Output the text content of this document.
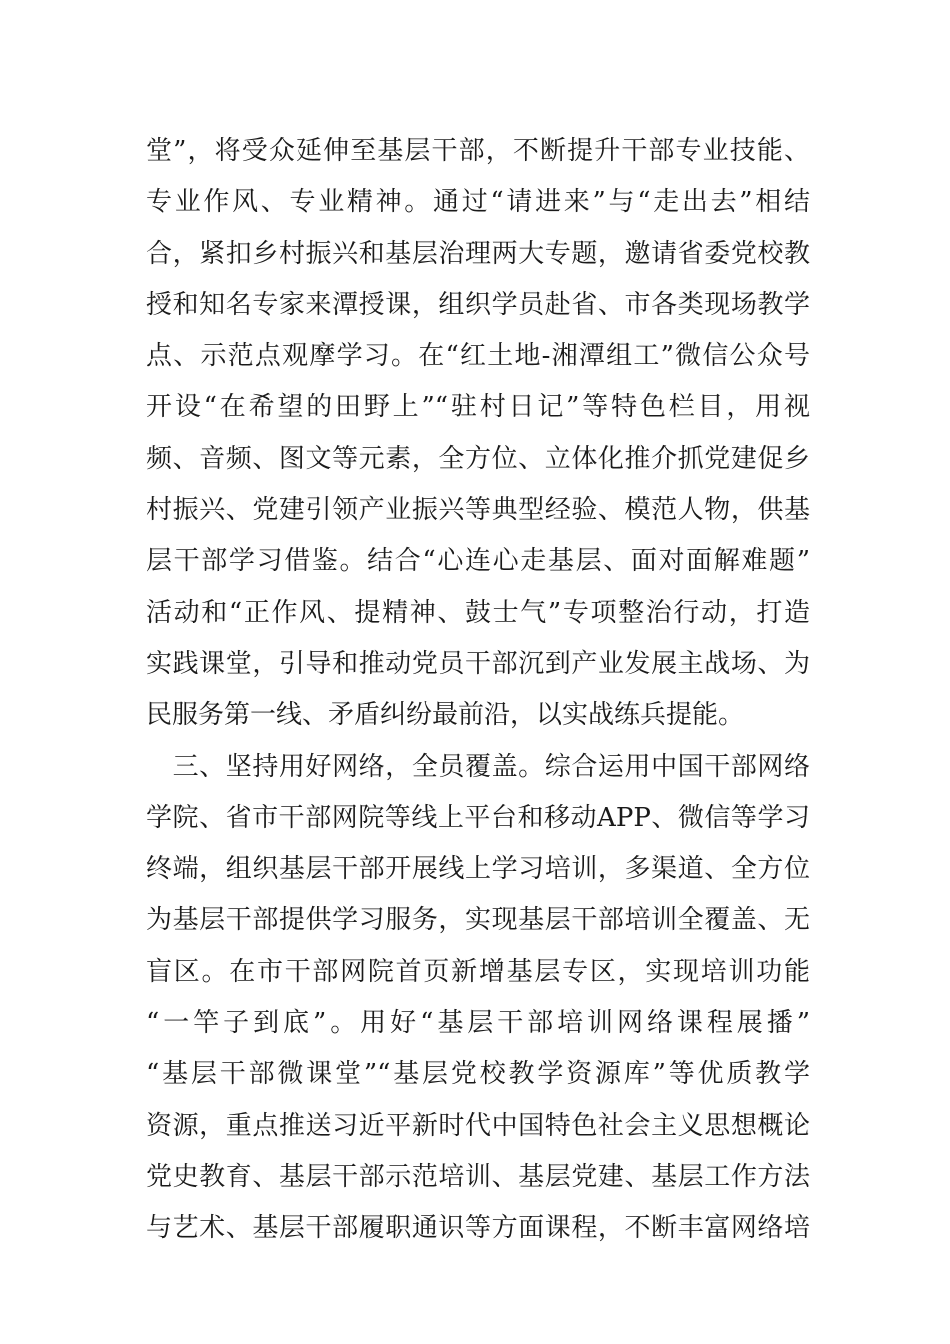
堂”，将受众延伸至基层干部，不断提升干部专业技能、
专业作风、专业精神。通过“请进来”与“走出去”相结
合，紧扣乡村振兴和基层治理两大专题，邀请省委党校教
授和知名专家来潭授课，组织学员赴省、市各类现场教学
点、示范点观摩学习。在“红土地-湘潭组工”微信公众号
开设“在希望的田野上”“驻村日记”等特色栏目，用视
频、音频、图文等元素，全方位、立体化推介抓党建促乡
村振兴、党建引领产业振兴等典型经验、模范人物，供基
层干部学习借鉴。结合“心连心走基层、面对面解难题”
活动和“正作风、提精神、鼓士气”专项整治行动，打造
实践课堂，引导和推动党员干部沉到产业发展主战场、为
民服务第一线、矛盾纠纷最前沿，以实战练兵提能。
　三、坚持用好网络，全员覆盖。综合运用中国干部网络
学院、省市干部网院等线上平台和移动APP、微信等学习
终端，组织基层干部开展线上学习培训，多渠道、全方位
为基层干部提供学习服务，实现基层干部培训全覆盖、无
盲区。在市干部网院首页新增基层专区，实现培训功能
“一竿子到底”。用好“基层干部培训网络课程展播”
“基层干部微课堂”“基层党校教学资源库”等优质教学
资源，重点推送习近平新时代中国特色社会主义思想概论
党史教育、基层干部示范培训、基层党建、基层工作方法
与艺术、基层干部履职通识等方面课程，不断丰富网络培
